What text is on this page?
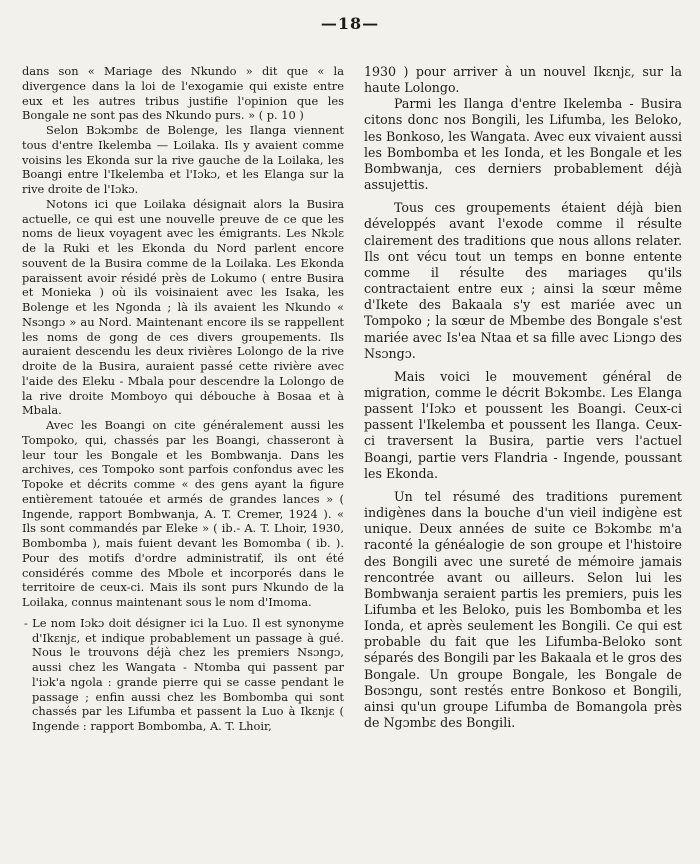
—18—

dans son « Mariage des Nkundo » dit que « la divergence dans la loi de l'exogamie qui existe entre eux et les autres tribus justifie l'opinion que les Bongale ne sont pas des Nkundo purs. » ( p. 10 )

Selon Bɔkɔmbɛ de Bolenge, les Ilanga viennent tous d'entre Ikelemba — Loilaka. Ils y avaient comme voisins les Ekonda sur la rive gauche de la Loilaka, les Boangi entre l'Ikelemba et l'Iɔkɔ, et les Elanga sur la rive droite de l'Iɔkɔ.

Notons ici que Loilaka désignait alors la Busira actuelle, ce qui est une nouvelle preuve de ce que les noms de lieux voyagent avec les émigrants. Les Nkɔlɛ de la Ruki et les Ekonda du Nord parlent encore souvent de la Busira comme de la Loilaka. Les Ekonda paraissent avoir résidé près de Lokumo ( entre Busira et Monieka ) où ils voisinaient avec les Isaka, les Bolenge et les Ngonda ; là ils avaient les Nkundo « Nsɔngɔ » au Nord. Maintenant encore ils se rappellent les noms de gong de ces divers groupements. Ils auraient descendu les deux rivières Lolongo de la rive droite de la Busira, auraient passé cette rivière avec l'aide des Eleku - Mbala pour descendre la Lolongo de la rive droite Momboyo qui débouche à Bosaa et à Mbala.

Avec les Boangi on cite généralement aussi les Tompoko, qui, chassés par les Boangi, chasseront à leur tour les Bongale et les Bombwanja. Dans les archives, ces Tompoko sont parfois confondus avec les Topoke et décrits comme « des gens ayant la figure entièrement tatouée et armés de grandes lances » ( Ingende, rapport Bombwanja, A. T. Cremer, 1924 ). « Ils sont commandés par Eleke » ( ib.- A. T. Lhoir, 1930, Bombomba ), mais fuient devant les Bomomba ( ib. ). Pour des motifs d'ordre administratif, ils ont été considérés comme des Mbole et incorporés dans le territoire de ceux-ci. Mais ils sont purs Nkundo de la Loilaka, connus maintenant sous le nom d'Imoma.

- Le nom Iɔkɔ doit désigner ici la Luo. Il est synonyme d'Ikɛnjɛ, et indique probablement un passage à gué. Nous le trouvons déjà chez les premiers Nsɔngɔ, aussi chez les Wangata - Ntomba qui passent par l'iɔk'a ngola : grande pierre qui se casse pendant le passage ; enfin aussi chez les Bombomba qui sont chassés par les Lifumba et passent la Luo à Ikɛnjɛ ( Ingende : rapport Bombomba, A. T. Lhoir,

1930 ) pour arriver à un nouvel Ikɛnjɛ, sur la haute Lolongo.

Parmi les Ilanga d'entre Ikelemba - Busira citons donc nos Bongili, les Lifumba, les Beloko, les Bonkoso, les Wangata. Avec eux vivaient aussi les Bombomba et les Ionda, et les Bongale et les Bombwanja, ces derniers probablement déjà assujettis.

Tous ces groupements étaient déjà bien développés avant l'exode comme il résulte clairement des traditions que nous allons relater. Ils ont vécu tout un temps en bonne entente comme il résulte des mariages qu'ils contractaient entre eux ; ainsi la sœur même d'Ikete des Bakaala s'y est mariée avec un Tompoko ; la sœur de Mbembe des Bongale s'est mariée avec Is'ea Ntaa et sa fille avec Liɔngɔ des Nsɔngɔ.

Mais voici le mouvement général de migration, comme le décrit Bɔkɔmbɛ. Les Elanga passent l'Iɔkɔ et poussent les Boangi. Ceux-ci passent l'Ikelemba et poussent les Ilanga. Ceux-ci traversent la Busira, partie vers l'actuel Boangi, partie vers Flandria - Ingende, poussant les Ekonda.

Un tel résumé des traditions purement indigènes dans la bouche d'un vieil indigène est unique. Deux années de suite ce Bɔkɔmbɛ m'a raconté la généalogie de son groupe et l'histoire des Bongili avec une sureté de mémoire jamais rencontrée avant ou ailleurs. Selon lui les Bombwanja seraient partis les premiers, puis les Lifumba et les Beloko, puis les Bombomba et les Ionda, et après seulement les Bongili. Ce qui est probable du fait que les Lifumba-Beloko sont séparés des Bongili par les Bakaala et le gros des Bongale. Un groupe Bongale, les Bongale de Bosɔngu, sont restés entre Bonkoso et Bongili, ainsi qu'un groupe Lifumba de Bomangola près de Ngɔmbɛ des Bongili.
